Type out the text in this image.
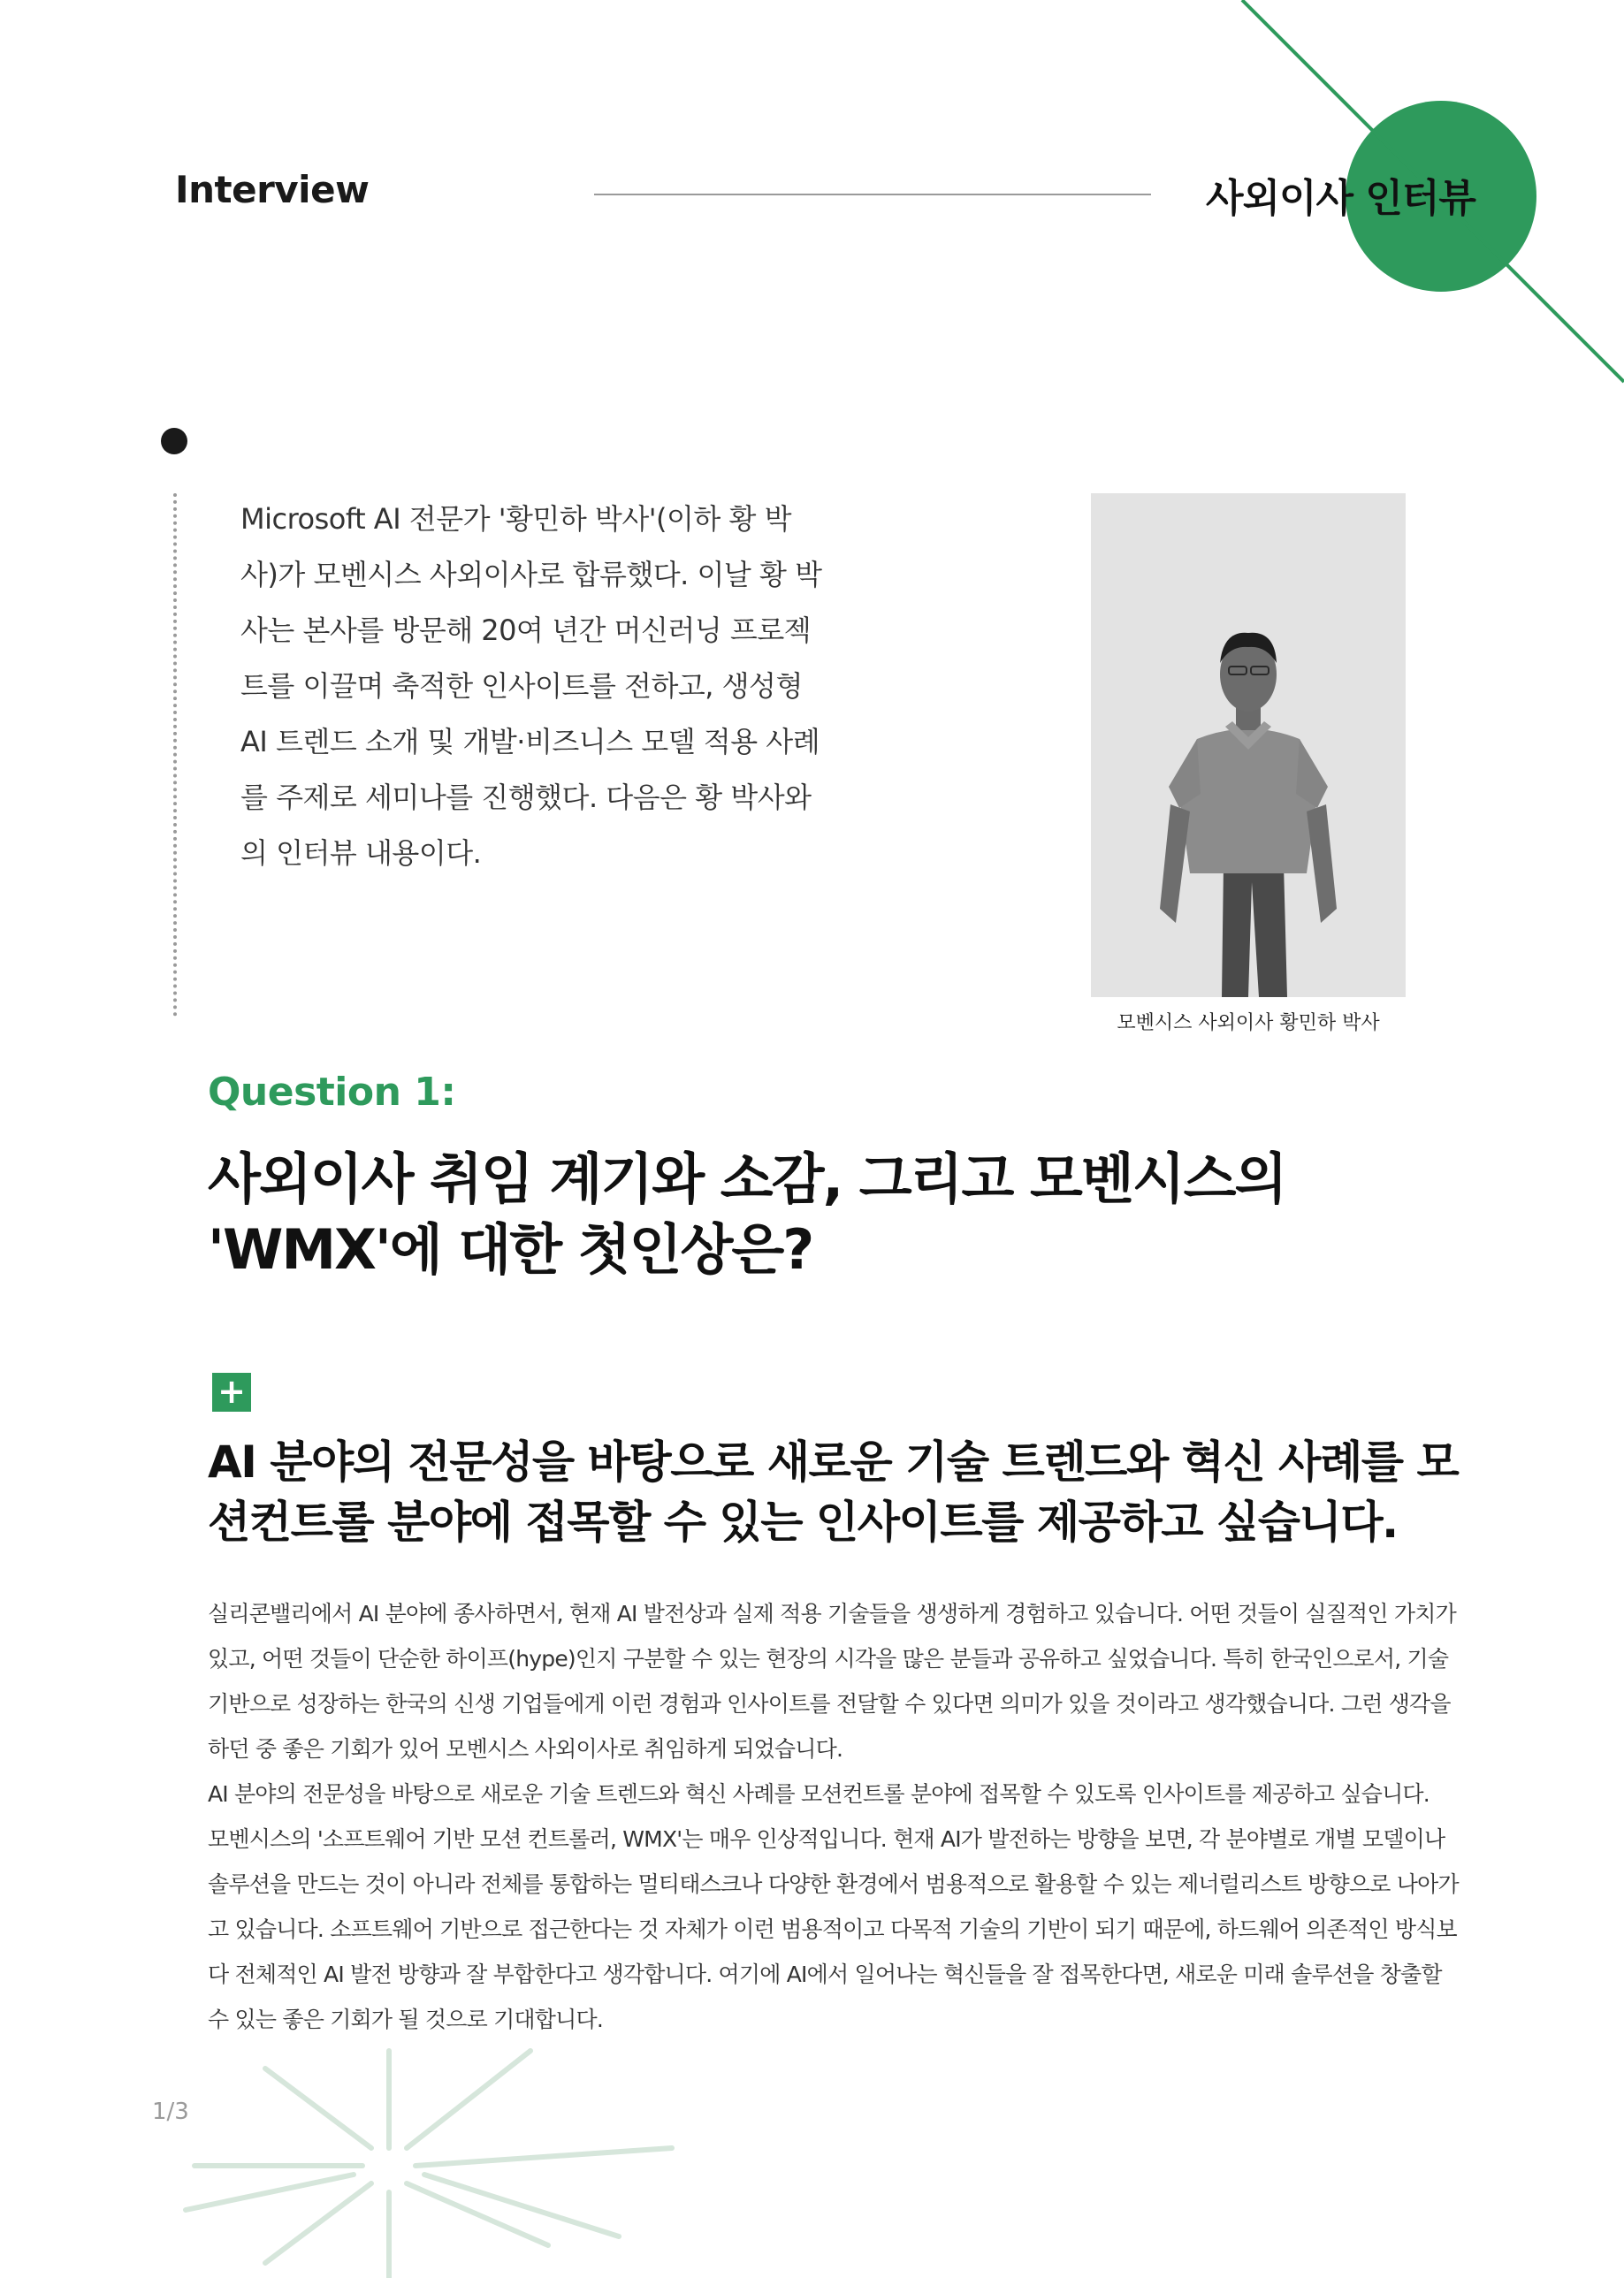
Interview	사외이사 인터뷰
Microsoft AI 전문가 '황민하 박사'(이하 황 박사)가 모벤시스 사외이사로 합류했다. 이날 황 박사는 본사를 방문해 20여 년간 머신러닝 프로젝트를 이끌며 축적한 인사이트를 전하고, 생성형 AI 트렌드 소개 및 개발·비즈니스 모델 적용 사례를 주제로 세미나를 진행했다. 다음은 황 박사와의 인터뷰 내용이다.
모벤시스 사외이사 황민하 박사
Question 1:
사외이사 취임 계기와 소감, 그리고 모벤시스의 'WMX'에 대한 첫인상은?
+
AI 분야의 전문성을 바탕으로 새로운 기술 트렌드와 혁신 사례를 모션컨트롤 분야에 접목할 수 있는 인사이트를 제공하고 싶습니다.

실리콘밸리에서 AI 분야에 종사하면서, 현재 AI 발전상과 실제 적용 기술들을 생생하게 경험하고 있습니다. 어떤 것들이 실질적인 가치가 있고, 어떤 것들이 단순한 하이프(hype)인지 구분할 수 있는 현장의 시각을 많은 분들과 공유하고 싶었습니다. 특히 한국인으로서, 기술 기반으로 성장하는 한국의 신생 기업들에게 이런 경험과 인사이트를 전달할 수 있다면 의미가 있을 것이라고 생각했습니다. 그런 생각을 하던 중 좋은 기회가 있어 모벤시스 사외이사로 취임하게 되었습니다.

AI 분야의 전문성을 바탕으로 새로운 기술 트렌드와 혁신 사례를 모션컨트롤 분야에 접목할 수 있도록 인사이트를 제공하고 싶습니다.

모벤시스의 '소프트웨어 기반 모션 컨트롤러, WMX'는 매우 인상적입니다. 현재 AI가 발전하는 방향을 보면, 각 분야별로 개별 모델이나 솔루션을 만드는 것이 아니라 전체를 통합하는 멀티태스크나 다양한 환경에서 범용적으로 활용할 수 있는 제너럴리스트 방향으로 나아가고 있습니다. 소프트웨어 기반으로 접근한다는 것 자체가 이런 범용적이고 다목적 기술의 기반이 되기 때문에, 하드웨어 의존적인 방식보다 전체적인 AI 발전 방향과 잘 부합한다고 생각합니다. 여기에 AI에서 일어나는 혁신들을 잘 접목한다면, 새로운 미래 솔루션을 창출할 수 있는 좋은 기회가 될 것으로 기대합니다.

1/3
